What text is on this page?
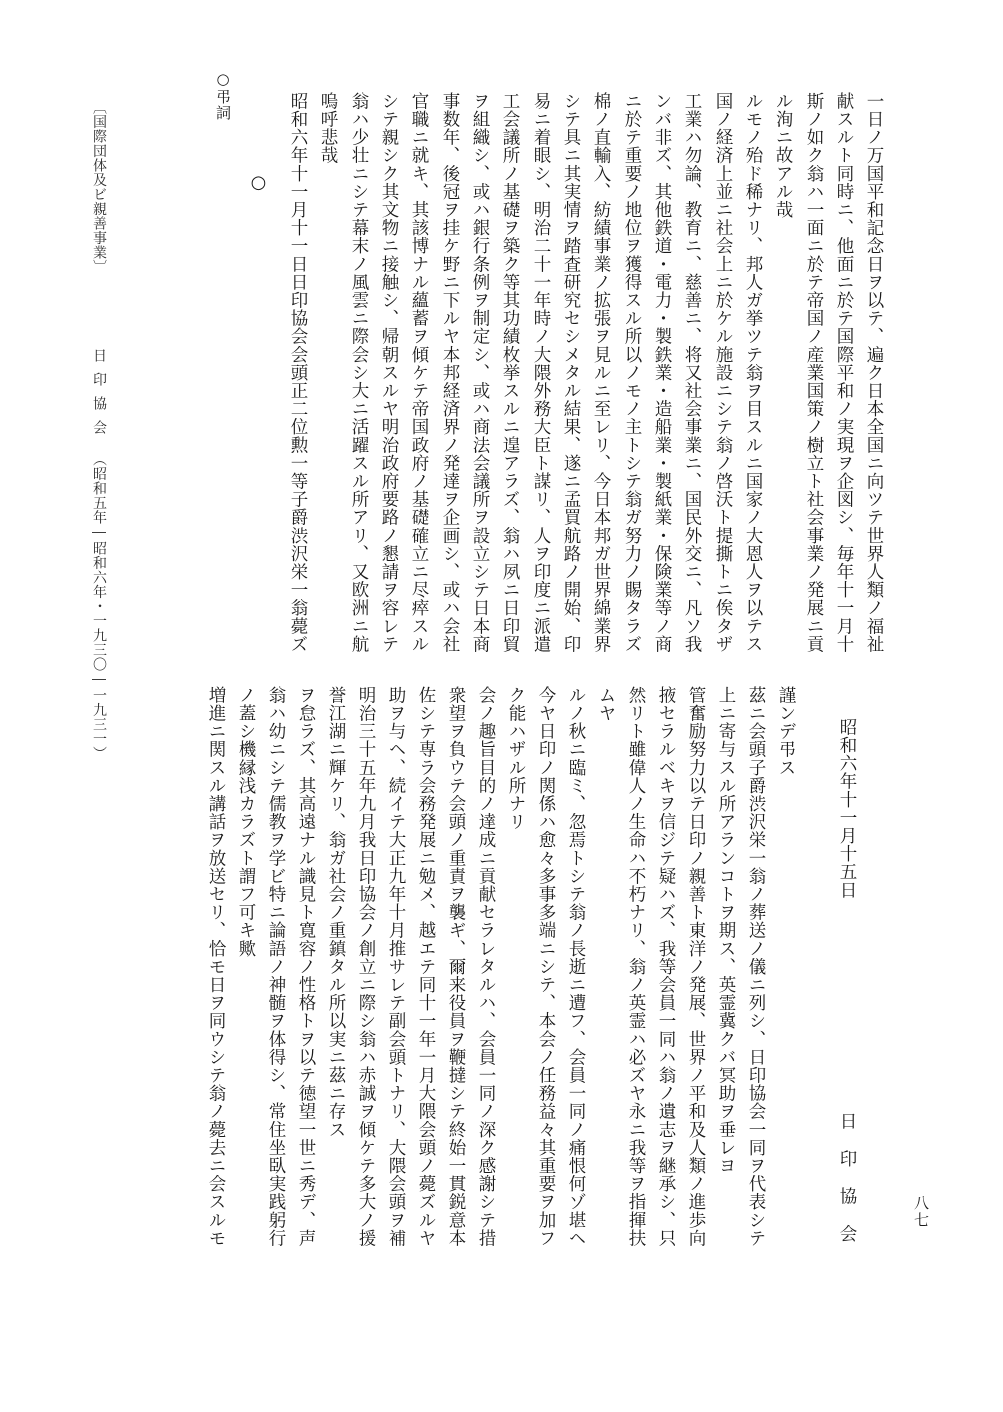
○弔詞
○ 昭和六年十一月十一日日印協会会頭正二位勲一等子爵渋沢栄一翁薨ズ 嗚呼悲哉 翁ハ少壮ニシテ幕末ノ風雲ニ際会シ大ニ活躍スル所アリ、又欧洲ニ航 シテ親シク其文物ニ接触シ、帰朝スルヤ明治政府要路ノ懇請ヲ容レテ 官職ニ就キ、其該博ナル蘊蓄ヲ傾ケテ帝国政府ノ基礎確立ニ尽瘁スル 事数年、後冠ヲ挂ケ野ニ下ルヤ本邦経済界ノ発達ヲ企画シ、或ハ会社 ヲ組織シ、或ハ銀行条例ヲ制定シ、或ハ商法会議所ヲ設立シテ日本商 工会議所ノ基礎ヲ築ク等其功績枚挙スルニ遑アラズ、翁ハ夙ニ日印貿 易ニ着眼シ、明治二十一年時ノ大隈外務大臣ト謀リ、人ヲ印度ニ派遣 シテ具ニ其実情ヲ踏査研究セシメタル結果、遂ニ孟買航路ノ開始、印 棉ノ直輸入、紡績事業ノ拡張ヲ見ルニ至レリ、今日本邦ガ世界綿業界 ニ於テ重要ノ地位ヲ獲得スル所以ノモノ主トシテ翁ガ努力ノ賜タラズ ンバ非ズ、其他鉄道・電力・製鉄業・造船業・製紙業・保険業等ノ商 工業ハ勿論、教育ニ、慈善ニ、将又社会事業ニ、国民外交ニ、凡ソ我 国ノ経済上並ニ社会上ニ於ケル施設ニシテ翁ノ啓沃ト提撕トニ俟タザ ルモノ殆ド稀ナリ、邦人ガ挙ツテ翁ヲ目スルニ国家ノ大恩人ヲ以テス ル洵ニ故アル哉 斯ノ如ク翁ハ一面ニ於テ帝国ノ産業国策ノ樹立ト社会事業ノ発展ニ貢 献スルト同時ニ、他面ニ於テ国際平和ノ実現ヲ企図シ、毎年十一月十 一日ノ万国平和記念日ヲ以テ、遍ク日本全国ニ向ツテ世界人類ノ福祉
増進ニ関スル講話ヲ放送セリ、恰モ日ヲ同ウシテ翁ノ薨去ニ会スルモ ノ蓋シ機縁浅カラズト謂フ可キ歟 翁ハ幼ニシテ儒教ヲ学ビ特ニ論語ノ神髄ヲ体得シ、常住坐臥実践躬行 ヲ怠ラズ、其高遠ナル識見ト寛容ノ性格トヲ以テ徳望一世ニ秀デ、声 誉江湖ニ輝ケリ、翁ガ社会ノ重鎮タル所以実ニ茲ニ存ス 明治三十五年九月我日印協会ノ創立ニ際シ翁ハ赤誠ヲ傾ケテ多大ノ援 助ヲ与ヘ、続イテ大正九年十月推サレテ副会頭トナリ、大隈会頭ヲ補 佐シテ専ラ会務発展ニ勉メ、越エテ同十一年一月大隈会頭ノ薨ズルヤ 衆望ヲ負ウテ会頭ノ重責ヲ襲ギ、爾来役員ヲ鞭撻シテ終始一貫鋭意本 会ノ趣旨目的ノ達成ニ貢献セラレタルハ、会員一同ノ深ク感謝シテ措 ク能ハザル所ナリ 今ヤ日印ノ関係ハ愈々多事多端ニシテ、本会ノ任務益々其重要ヲ加フ ルノ秋ニ臨ミ、忽焉トシテ翁ノ長逝ニ遭フ、会員一同ノ痛恨何ゾ堪ヘ ムヤ 然リト雖偉人ノ生命ハ不朽ナリ、翁ノ英霊ハ必ズヤ永ニ我等ヲ指揮扶 掖セラルベキヲ信ジテ疑ハズ、我等会員一同ハ翁ノ遺志ヲ継承シ、只 管奮励努力以テ日印ノ親善ト東洋ノ発展、世界ノ平和及人類ノ進歩向 上ニ寄与スル所アランコトヲ期ス、英霊冀クバ冥助ヲ垂レヨ 茲ニ会頭子爵渋沢栄一翁ノ葬送ノ儀ニ列シ、日印協会一同ヲ代表シテ 謹ンデ弔ス 昭和六年十一月十五日
日印協会	八七
〔国際団体及ビ親善事業〕
日印協会
（昭和五年―昭和六年・一九三〇―一九三一）
